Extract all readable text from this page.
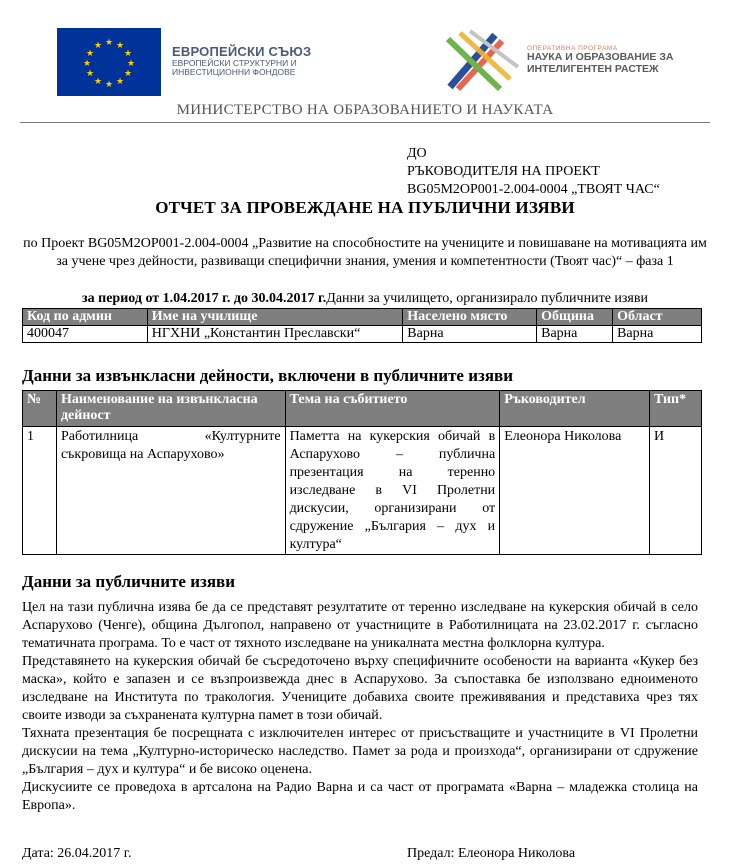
★ ★
★
★
★
★
★
★
★
★
★
★	ЕВРОПЕЙСКИ СЪЮЗ
ЕВРОПЕЙСКИ СТРУКТУРНИ И
ИНВЕСТИЦИОННИ ФОНДОВЕ
ОПЕРАТИВНА ПРОГРАМА
НАУКА И ОБРАЗОВАНИЕ ЗА
ИНТЕЛИГЕНТЕН РАСТЕЖ
МИНИСТЕРСТВО НА ОБРАЗОВАНИЕТО И НАУКАТА
ДО
РЪКОВОДИТЕЛЯ НА ПРОЕКТ
BG05M2OP001-2.004-0004 „ТВОЯТ ЧАС“
ОТЧЕТ ЗА ПРОВЕЖДАНЕ НА ПУБЛИЧНИ ИЗЯВИ
по Проект BG05M2OP001-2.004-0004 „Развитие на способностите на учениците и повишаване на мотивацията им за учене чрез дейности, развиващи специфични знания, умения и компетентности (Твоят час)“ – фаза 1
за период от 1.04.2017 г. до 30.04.2017 г.Данни за училището, организирало публичните изяви
Код по админ	Име на училище	Населено място	Община	Област
400047	НГХНИ „Константин Преславски“	Варна	Варна	Варна
Данни за извънкласни дейности, включени в публичните изяви
№	Наименование на извънкласна дейност	Тема на събитието	Ръководител	Тип*
1	Работилница «Културните съкровища на Аспарухово»	Паметта на кукерския обичай в Аспарухово – публична презентация на теренно изследване в VI Пролетни дискусии, организирани от сдружение „България – дух и култура“	Елеонора Николова	И
Данни за публичните изяви

Цел на тази публична изява бе да се представят резултатите от теренно изследване на кукерския обичай в село Аспарухово (Ченге), община Дългопол, направено от участниците в Работилницата на 23.02.2017 г. съгласно тематичната програма. То е част от тяхното изследване на уникалната местна фолклорна култура.

Представянето на кукерския обичай бе съсредоточено върху специфичните особености на варианта «Кукер без маска», който е запазен и се възпроизвежда днес в Аспарухово. За съпоставка бе използвано едноименото изследване на Института по тракология. Учениците добавиха своите преживявания и представиха чрез тях своите изводи за съхранената културна памет в този обичай.

Тяхната презентация бе посрещната с изключителен интерес от присъстващите и участниците в VI Пролетни дискусии на тема „Културно-историческо наследство. Памет за рода и произхода“, организирани от сдружение „България – дух и култура“ и бе високо оценена.

Дискусиите се проведоха в артсалона на Радио Варна и са част от програмата «Варна – младежка столица на Европа».

Дата: 26.04.2017 г.	Предал: Елеонора Николова
